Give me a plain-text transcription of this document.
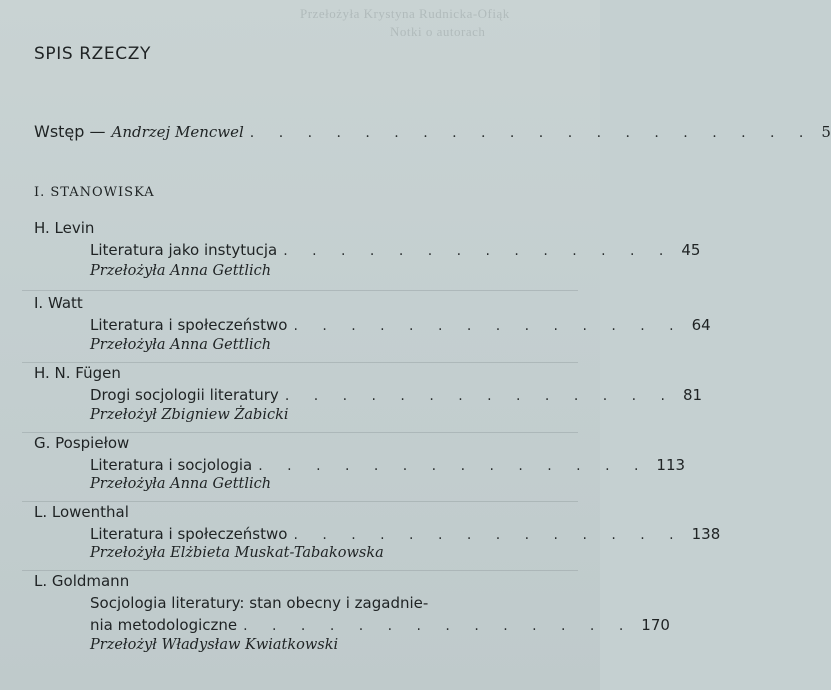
Przełożyła Krystyna Rudnicka-Ofiąk
Notki o autorach
SPIS RZECZY
Wstęp — Andrzej Mencwel . . . . . . . . . . . . . . . . . . . . 5
I. STANOWISKA
H. Levin
Literatura jako instytucja . . . . . . . . . . . . . . 45
Przełożyła Anna Gettlich
I. Watt
Literatura i społeczeństwo . . . . . . . . . . . . . . 64
Przełożyła Anna Gettlich
H. N. Fügen
Drogi socjologii literatury . . . . . . . . . . . . . . 81
Przełożył Zbigniew Żabicki
G. Pospiełow
Literatura i socjologia . . . . . . . . . . . . . . 113
Przełożyła Anna Gettlich
L. Lowenthal
Literatura i społeczeństwo . . . . . . . . . . . . . . 138
Przełożyła Elżbieta Muskat-Tabakowska
L. Goldmann
Socjologia literatury: stan obecny i zagadnie-
nia metodologiczne . . . . . . . . . . . . . . 170
Przełożył Władysław Kwiatkowski
